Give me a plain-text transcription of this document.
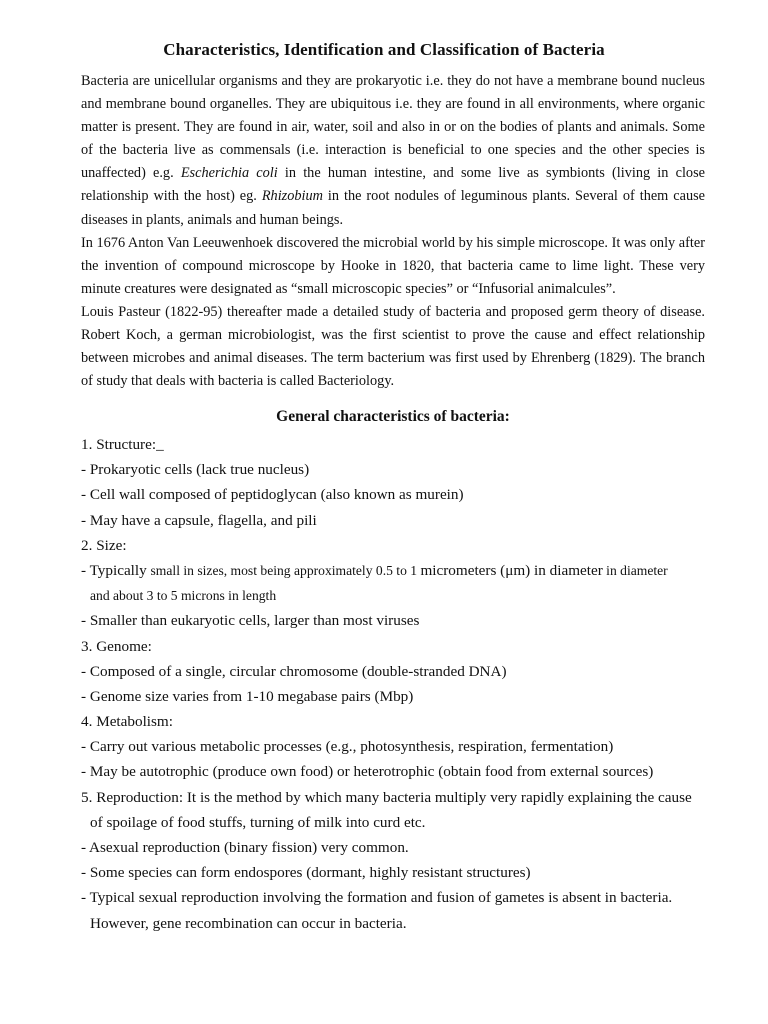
Characteristics, Identification and Classification of Bacteria

Bacteria are unicellular organisms and they are prokaryotic i.e. they do not have a membrane bound nucleus and membrane bound organelles. They are ubiquitous i.e. they are found in all environments, where organic matter is present. They are found in air, water, soil and also in or on the bodies of plants and animals. Some of the bacteria live as commensals (i.e. interaction is beneficial to one species and the other species is unaffected) e.g. Escherichia coli in the human intestine, and some live as symbionts (living in close relationship with the host) eg. Rhizobium in the root nodules of leguminous plants. Several of them cause diseases in plants, animals and human beings.

In 1676 Anton Van Leeuwenhoek discovered the microbial world by his simple microscope. It was only after the invention of compound microscope by Hooke in 1820, that bacteria came to lime light. These very minute creatures were designated as “small microscopic species” or “Infusorial animalcules”.

Louis Pasteur (1822-95) thereafter made a detailed study of bacteria and proposed germ theory of disease. Robert Koch, a german microbiologist, was the first scientist to prove the cause and effect relationship between microbes and animal diseases. The term bacterium was first used by Ehrenberg (1829). The branch of study that deals with bacteria is called Bacteriology.

General characteristics of bacteria:
1. Structure:_
- Prokaryotic cells (lack true nucleus)
- Cell wall composed of peptidoglycan (also known as murein)
- May have a capsule, flagella, and pili
2. Size:
- Typically small in sizes, most being approximately 0.5 to 1 micrometers (μm) in diameter in diameter
and about 3 to 5 microns in length
- Smaller than eukaryotic cells, larger than most viruses
3. Genome:
- Composed of a single, circular chromosome (double-stranded DNA)
- Genome size varies from 1-10 megabase pairs (Mbp)
4. Metabolism:
- Carry out various metabolic processes (e.g., photosynthesis, respiration, fermentation)
- May be autotrophic (produce own food) or heterotrophic (obtain food from external sources)
5. Reproduction: It is the method by which many bacteria multiply very rapidly explaining the cause
of spoilage of food stuffs, turning of milk into curd etc.
- Asexual reproduction (binary fission) very common.
- Some species can form endospores (dormant, highly resistant structures)
- Typical sexual reproduction involving the formation and fusion of gametes is absent in bacteria.
However, gene recombination can occur in bacteria.
